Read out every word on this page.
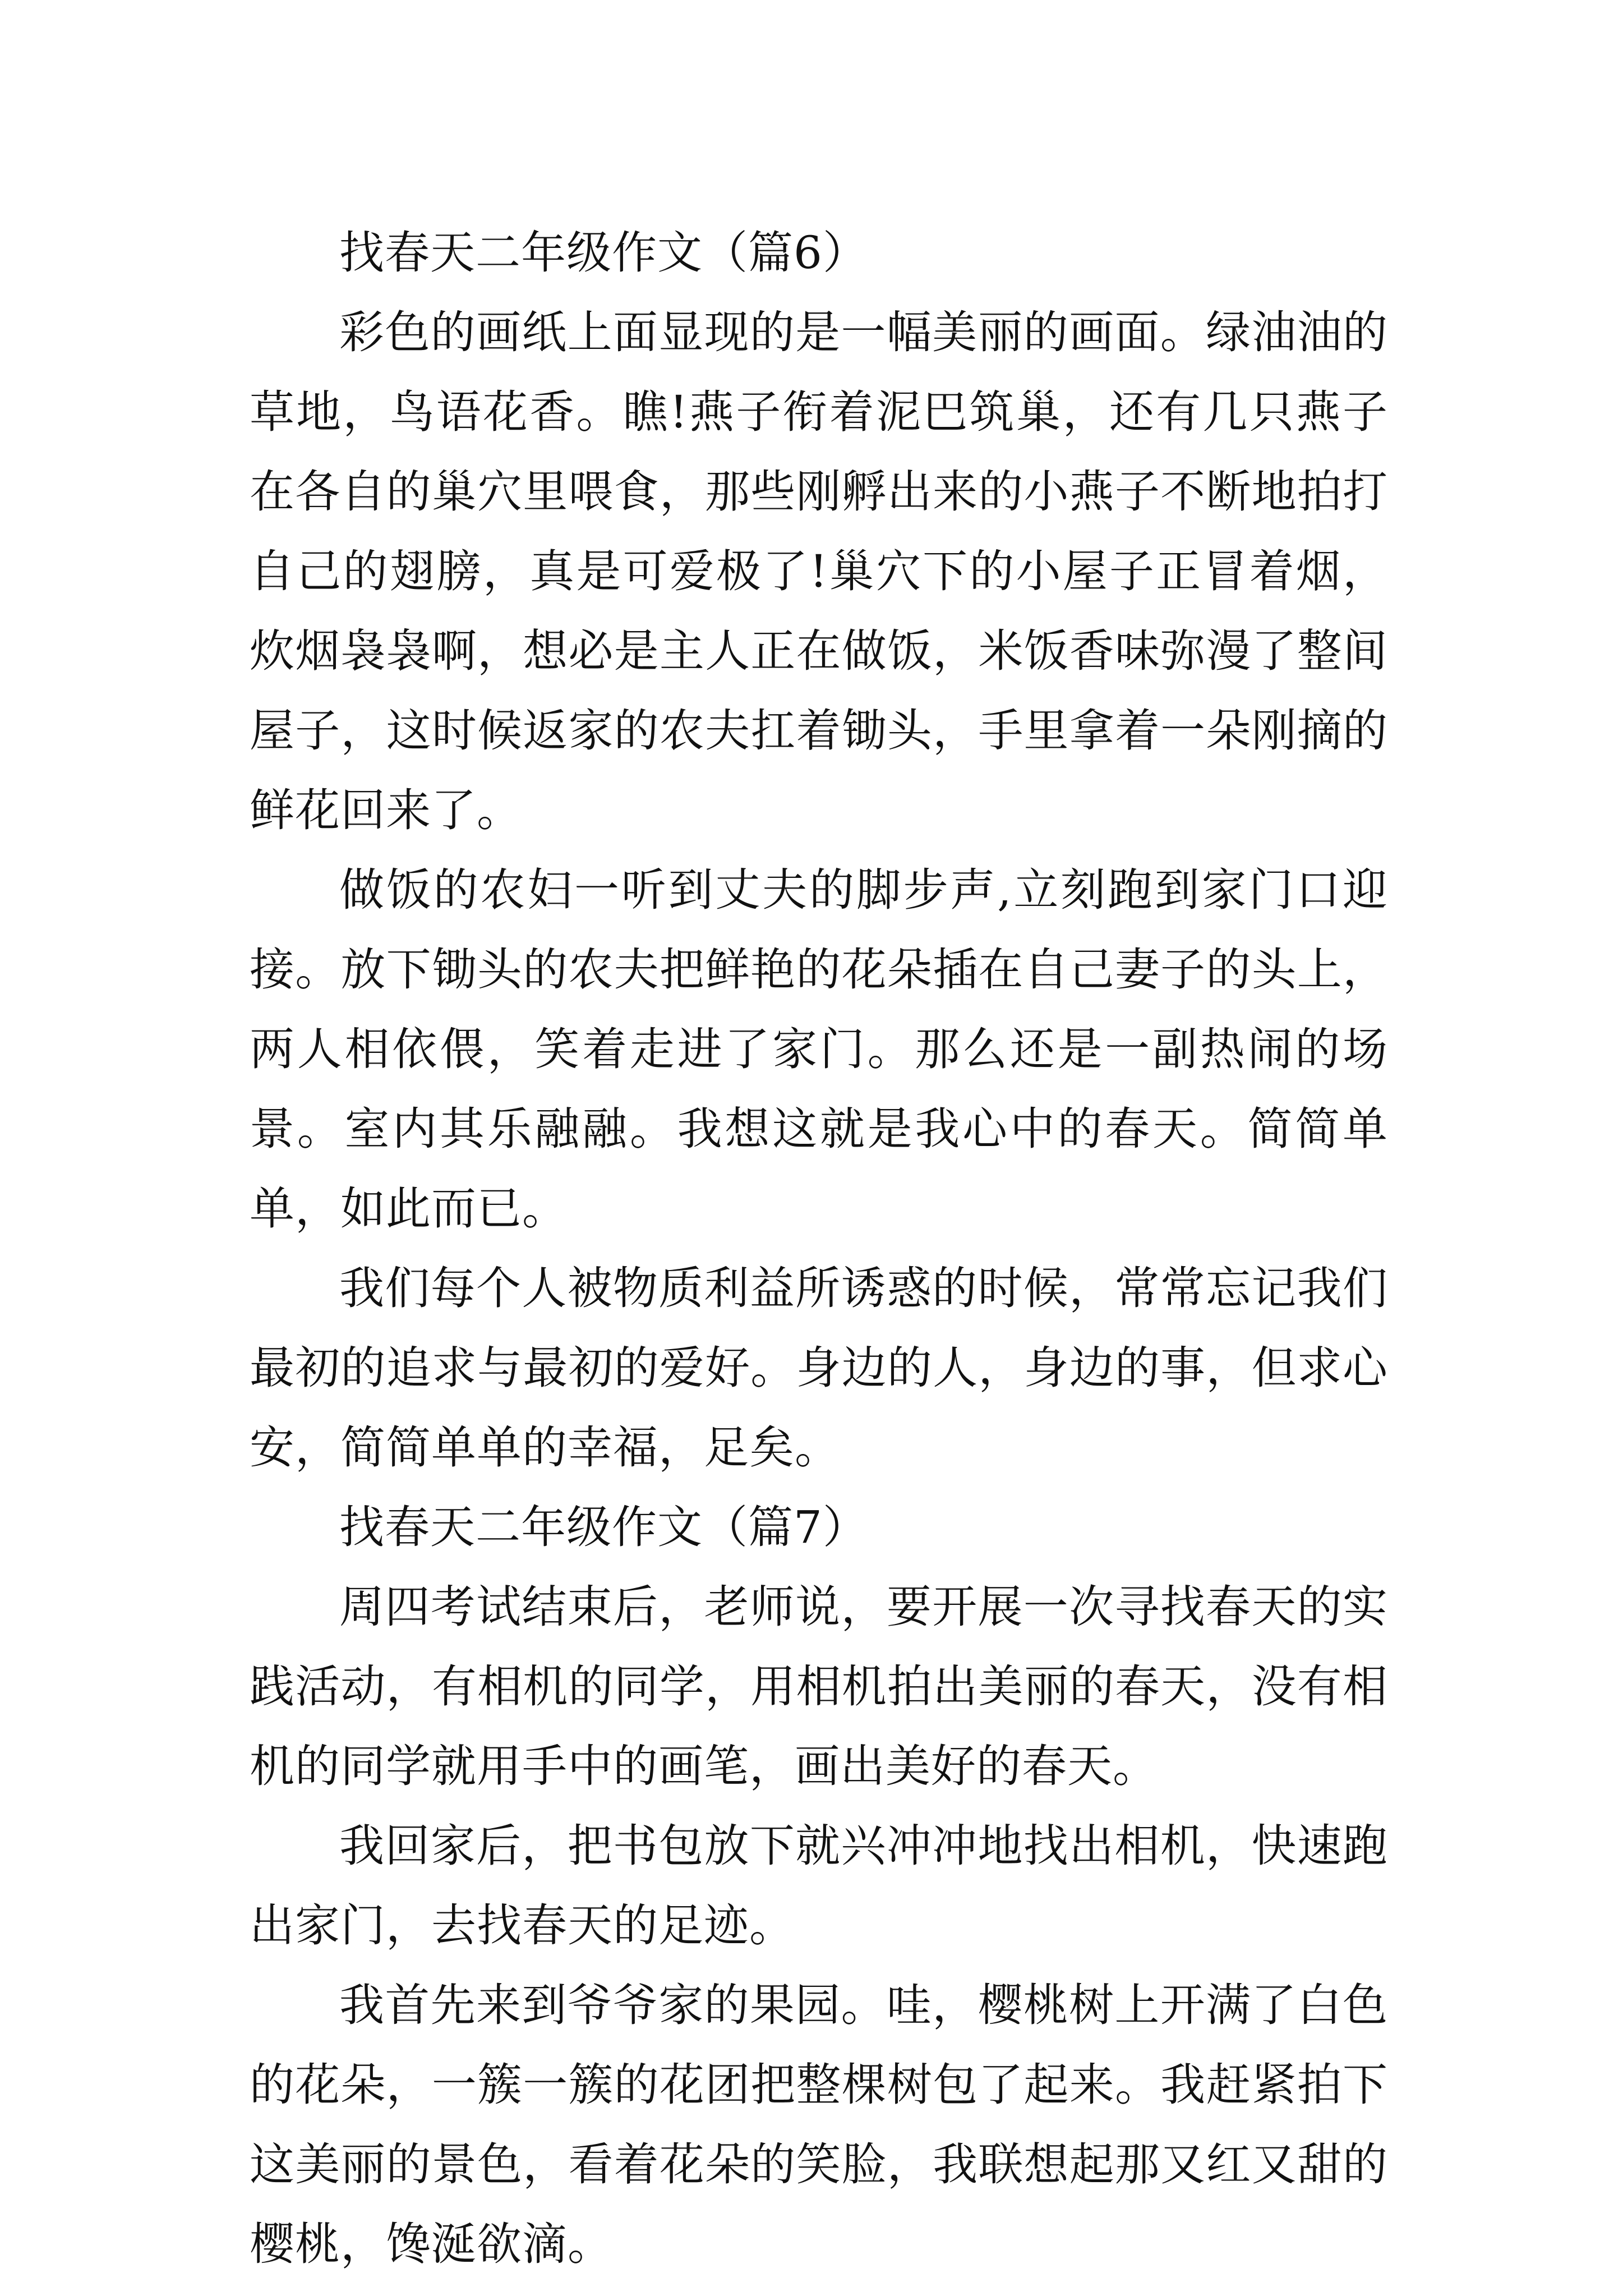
找春天二年级作文（篇6）

彩色的画纸上面显现的是一幅美丽的画面。绿油油的草地，鸟语花香。瞧!燕子衔着泥巴筑巢，还有几只燕子在各自的巢穴里喂食，那些刚孵出来的小燕子不断地拍打自己的翅膀，真是可爱极了!巢穴下的小屋子正冒着烟，炊烟袅袅啊，想必是主人正在做饭，米饭香味弥漫了整间屋子，这时候返家的农夫扛着锄头，手里拿着一朵刚摘的鲜花回来了。

做饭的农妇一听到丈夫的脚步声,立刻跑到家门口迎接。放下锄头的农夫把鲜艳的花朵插在自己妻子的头上，两人相依偎，笑着走进了家门。那么还是一副热闹的场景。室内其乐融融。我想这就是我心中的春天。简简单单，如此而已。

我们每个人被物质利益所诱惑的时候，常常忘记我们最初的追求与最初的爱好。身边的人，身边的事，但求心安，简简单单的幸福，足矣。

找春天二年级作文（篇7）

周四考试结束后，老师说，要开展一次寻找春天的实践活动，有相机的同学，用相机拍出美丽的春天，没有相机的同学就用手中的画笔，画出美好的春天。

我回家后，把书包放下就兴冲冲地找出相机，快速跑出家门，去找春天的足迹。

我首先来到爷爷家的果园。哇，樱桃树上开满了白色的花朵，一簇一簇的花团把整棵树包了起来。我赶紧拍下这美丽的景色，看着花朵的笑脸，我联想起那又红又甜的樱桃，馋涎欲滴。
